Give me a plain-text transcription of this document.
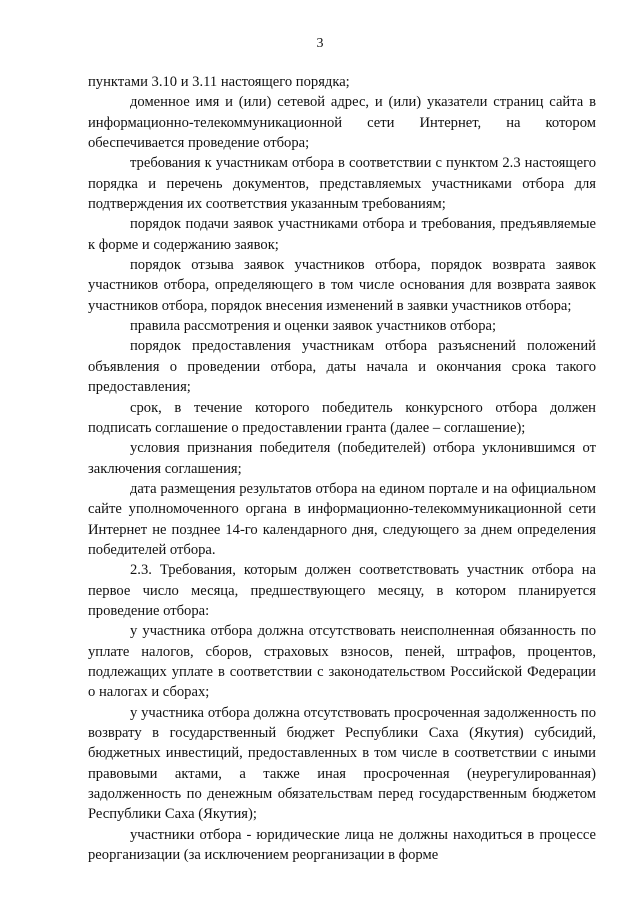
3

пунктами 3.10 и 3.11 настоящего порядка;

доменное имя и (или) сетевой адрес, и (или) указатели страниц сайта в информационно-телекоммуникационной сети Интернет, на котором обеспечивается проведение отбора;

требования к участникам отбора в соответствии с пунктом 2.3 настоящего порядка и перечень документов, представляемых участниками отбора для подтверждения их соответствия указанным требованиям;

порядок подачи заявок участниками отбора и требования, предъявляемые к форме и содержанию заявок;

порядок отзыва заявок участников отбора, порядок возврата заявок участников отбора, определяющего в том числе основания для возврата заявок участников отбора, порядок внесения изменений в заявки участников отбора;

правила рассмотрения и оценки заявок участников отбора;

порядок предоставления участникам отбора разъяснений положений объявления о проведении отбора, даты начала и окончания срока такого предоставления;

срок, в течение которого победитель конкурсного отбора должен подписать соглашение о предоставлении гранта (далее – соглашение);

условия признания победителя (победителей) отбора уклонившимся от заключения соглашения;

дата размещения результатов отбора на едином портале и на официальном сайте уполномоченного органа в информационно-телекоммуникационной сети Интернет не позднее 14-го календарного дня, следующего за днем определения победителей отбора.

2.3. Требования, которым должен соответствовать участник отбора на первое число месяца, предшествующего месяцу, в котором планируется проведение отбора:

у участника отбора должна отсутствовать неисполненная обязанность по уплате налогов, сборов, страховых взносов, пеней, штрафов, процентов, подлежащих уплате в соответствии с законодательством Российской Федерации о налогах и сборах;

у участника отбора должна отсутствовать просроченная задолженность по возврату в государственный бюджет Республики Саха (Якутия) субсидий, бюджетных инвестиций, предоставленных в том числе в соответствии с иными правовыми актами, а также иная просроченная (неурегулированная) задолженность по денежным обязательствам перед государственным бюджетом Республики Саха (Якутия);

участники отбора - юридические лица не должны находиться в процессе реорганизации (за исключением реорганизации в форме
